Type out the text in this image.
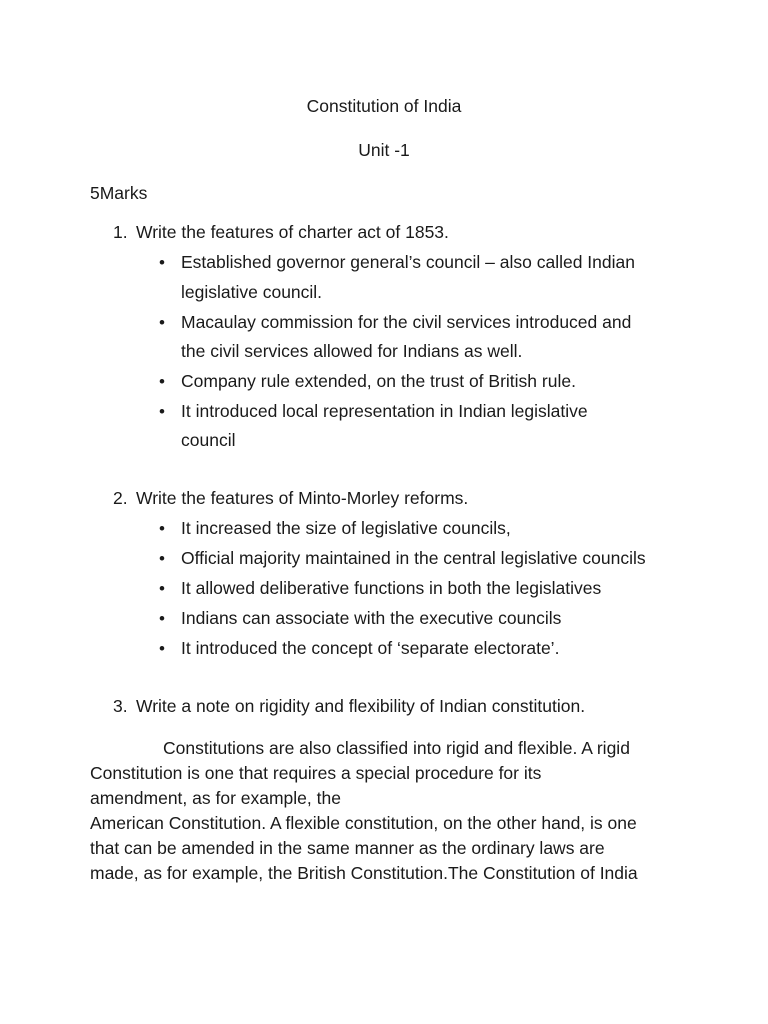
Constitution of India
Unit -1
5Marks
1. Write the features of charter act of 1853.
• Established governor general’s council – also called Indian
legislative council.
• Macaulay commission for the civil services introduced and
the civil services allowed for Indians as well.
• Company rule extended, on the trust of British rule.
• It introduced local representation in Indian legislative
council
2. Write the features of Minto-Morley reforms.
• It increased the size of legislative councils,
• Official majority maintained in the central legislative councils
• It allowed deliberative functions in both the legislatives
• Indians can associate with the executive councils
• It introduced the concept of ‘separate electorate’.
3. Write a note on rigidity and flexibility of Indian constitution.
Constitutions are also classified into rigid and flexible. A rigid
Constitution is one that requires a special procedure for its
amendment, as for example, the
American Constitution. A flexible constitution, on the other hand, is one
that can be amended in the same manner as the ordinary laws are
made, as for example, the British Constitution.The Constitution of India
